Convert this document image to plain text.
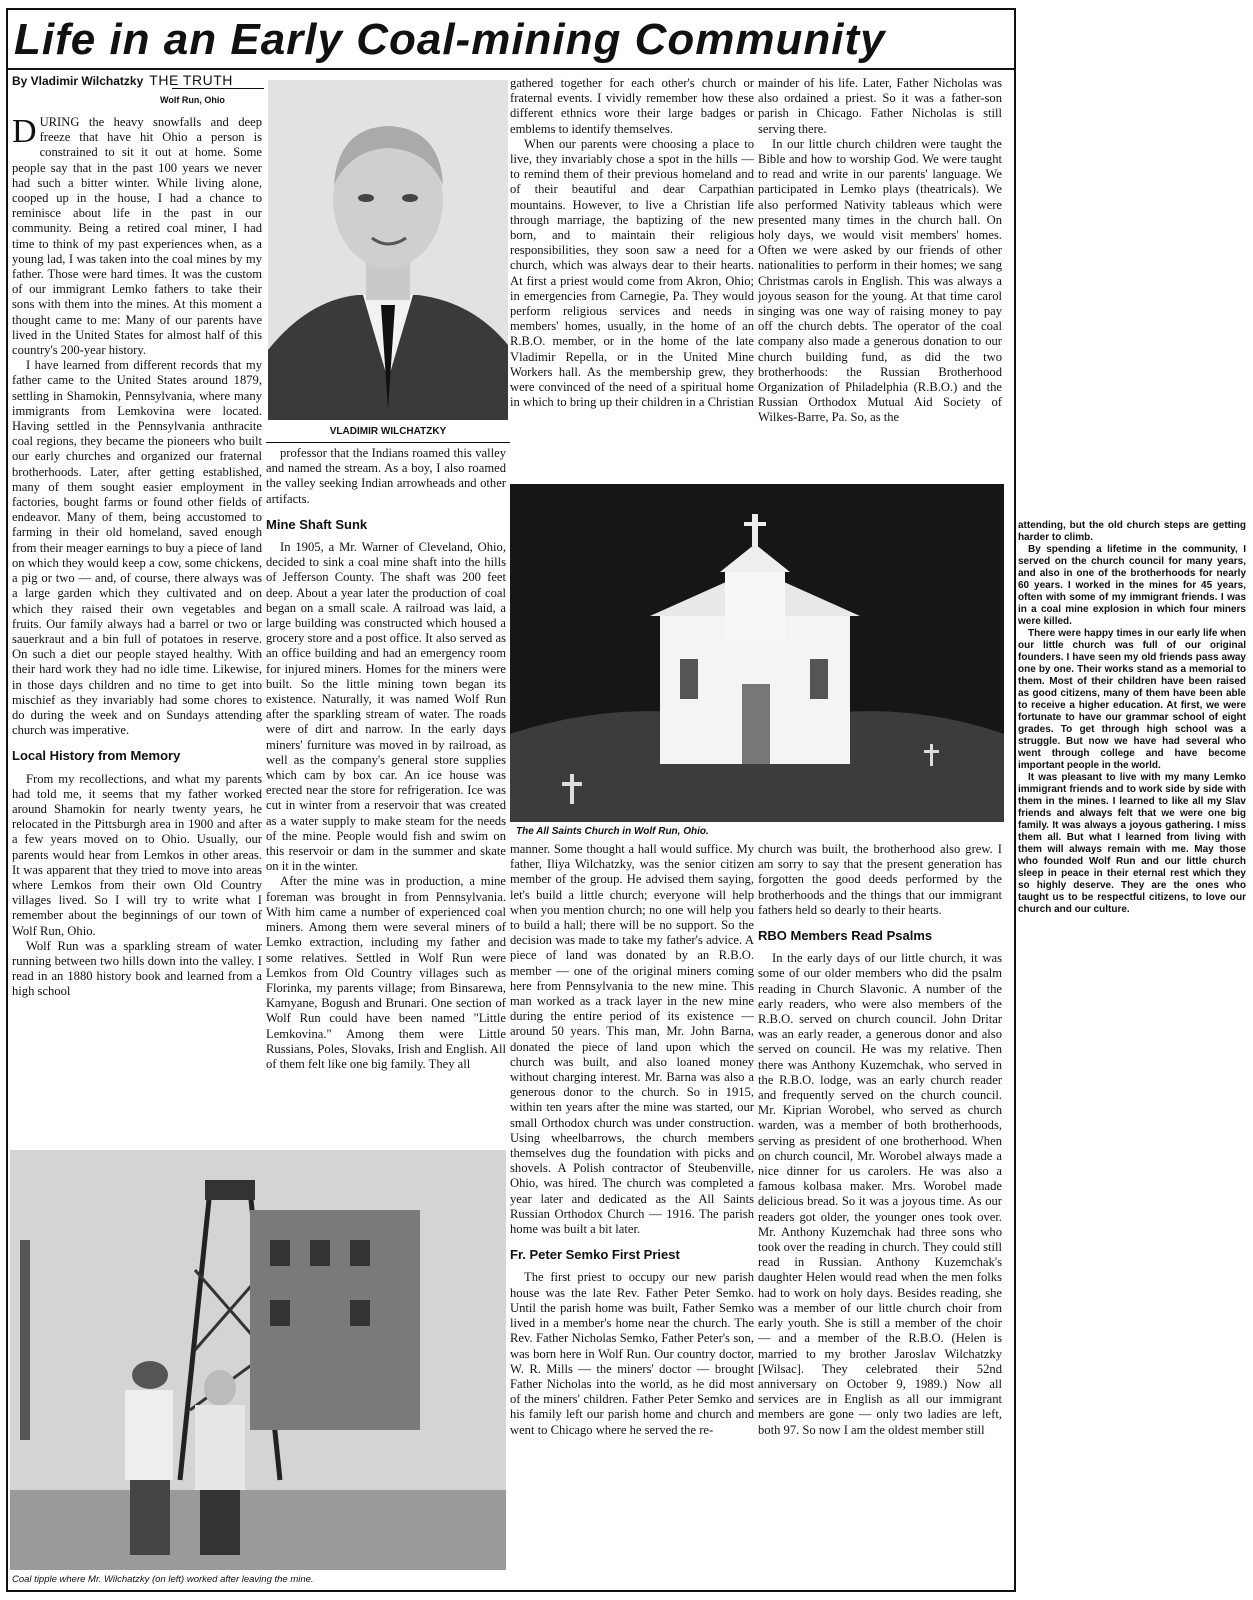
Life in an Early Coal-mining Community
By Vladimir Wilchatzky THE TRUTH
Wolf Run, Ohio

DURING the heavy snowfalls and deep freeze that have hit Ohio a person is constrained to sit it out at home. Some people say that in the past 100 years we never had such a bitter winter. While living alone, cooped up in the house, I had a chance to reminisce about life in the past in our community. Being a retired coal miner, I had time to think of my past experiences when, as a young lad, I was taken into the coal mines by my father. Those were hard times. It was the custom of our immigrant Lemko fathers to take their sons with them into the mines. At this moment a thought came to me: Many of our parents have lived in the United States for almost half of this country's 200-year history.

I have learned from different records that my father came to the United States around 1879, settling in Shamokin, Pennsylvania, where many immigrants from Lemkovina were located. Having settled in the Pennsylvania anthracite coal regions, they became the pioneers who built our early churches and organized our fraternal brotherhoods. Later, after getting established, many of them sought easier employment in factories, bought farms or found other fields of endeavor. Many of them, being accustomed to farming in their old homeland, saved enough from their meager earnings to buy a piece of land on which they would keep a cow, some chickens, a pig or two — and, of course, there always was a large garden which they cultivated and on which they raised their own vegetables and fruits. Our family always had a barrel or two or sauerkraut and a bin full of potatoes in reserve. On such a diet our people stayed healthy. With their hard work they had no idle time. Likewise, in those days children and no time to get into mischief as they invariably had some chores to do during the week and on Sundays attending church was imperative.

Local History from Memory

From my recollections, and what my parents had told me, it seems that my father worked around Shamokin for nearly twenty years, he relocated in the Pittsburgh area in 1900 and after a few years moved on to Ohio. Usually, our parents would hear from Lemkos in other areas. It was apparent that they tried to move into areas where Lemkos from their own Old Country villages lived. So I will try to write what I remember about the beginnings of our town of Wolf Run, Ohio.

Wolf Run was a sparkling stream of water running between two hills down into the valley. I read in an 1880 history book and learned from a high school

VLADIMIR WILCHATZKY

professor that the Indians roamed this valley and named the stream. As a boy, I also roamed the valley seeking Indian arrowheads and other artifacts.

Mine Shaft Sunk

In 1905, a Mr. Warner of Cleveland, Ohio, decided to sink a coal mine shaft into the hills of Jefferson County. The shaft was 200 feet deep. About a year later the production of coal began on a small scale. A railroad was laid, a large building was constructed which housed a grocery store and a post office. It also served as an office building and had an emergency room for injured miners. Homes for the miners were built. So the little mining town began its existence. Naturally, it was named Wolf Run after the sparkling stream of water. The roads were of dirt and narrow. In the early days miners' furniture was moved in by railroad, as well as the company's general store supplies which cam by box car. An ice house was erected near the store for refrigeration. Ice was cut in winter from a reservoir that was created as a water supply to make steam for the needs of the mine. People would fish and swim on this reservoir or dam in the summer and skate on it in the winter.

After the mine was in production, a mine foreman was brought in from Pennsylvania. With him came a number of experienced coal miners. Among them were several miners of Lemko extraction, including my father and some relatives. Settled in Wolf Run were Lemkos from Old Country villages such as Florinka, my parents village; from Binsarewa, Kamyane, Bogush and Brunari. One section of Wolf Run could have been named "Little Lemkovina." Among them were Little Russians, Poles, Slovaks, Irish and English. All of them felt like one big family. They all

gathered together for each other's church or fraternal events. I vividly remember how these different ethnics wore their large badges or emblems to identify themselves.

When our parents were choosing a place to live, they invariably chose a spot in the hills — to remind them of their previous homeland and of their beautiful and dear Carpathian mountains. However, to live a Christian life through marriage, the baptizing of the new born, and to maintain their religious responsibilities, they soon saw a need for a church, which was always dear to their hearts. At first a priest would come from Akron, Ohio; in emergencies from Carnegie, Pa. They would perform religious services and needs in members' homes, usually, in the home of an R.B.O. member, or in the home of the late Vladimir Repella, or in the United Mine Workers hall. As the membership grew, they were convinced of the need of a spiritual home in which to bring up their children in a Christian

mainder of his life. Later, Father Nicholas was also ordained a priest. So it was a father-son parish in Chicago. Father Nicholas is still serving there.

In our little church children were taught the Bible and how to worship God. We were taught to read and write in our parents' language. We participated in Lemko plays (theatricals). We also performed Nativity tableaus which were presented many times in the church hall. On holy days, we would visit members' homes. Often we were asked by our friends of other nationalities to perform in their homes; we sang Christmas carols in English. This was always a joyous season for the young. At that time carol singing was one way of raising money to pay off the church debts. The operator of the coal company also made a generous donation to our church building fund, as did the two brotherhoods: the Russian Brotherhood Organization of Philadelphia (R.B.O.) and the Russian Orthodox Mutual Aid Society of Wilkes-Barre, Pa. So, as the

The All Saints Church in Wolf Run, Ohio.

manner. Some thought a hall would suffice. My father, Iliya Wilchatzky, was the senior citizen member of the group. He advised them saying, let's build a little church; everyone will help when you mention church; no one will help you to build a hall; there will be no support. So the decision was made to take my father's advice. A piece of land was donated by an R.B.O. member — one of the original miners coming here from Pennsylvania to the new mine. This man worked as a track layer in the new mine during the entire period of its existence — around 50 years. This man, Mr. John Barna, donated the piece of land upon which the church was built, and also loaned money without charging interest. Mr. Barna was also a generous donor to the church. So in 1915, within ten years after the mine was started, our small Orthodox church was under construction. Using wheelbarrows, the church members themselves dug the foundation with picks and shovels. A Polish contractor of Steubenville, Ohio, was hired. The church was completed a year later and dedicated as the All Saints Russian Orthodox Church — 1916. The parish home was built a bit later.

Fr. Peter Semko First Priest

The first priest to occupy our new parish house was the late Rev. Father Peter Semko. Until the parish home was built, Father Semko lived in a member's home near the church. The Rev. Father Nicholas Semko, Father Peter's son, was born here in Wolf Run. Our country doctor, W. R. Mills — the miners' doctor — brought Father Nicholas into the world, as he did most of the miners' children. Father Peter Semko and his family left our parish home and church and went to Chicago where he served the re-

church was built, the brotherhood also grew. I am sorry to say that the present generation has forgotten the good deeds performed by the brotherhoods and the things that our immigrant fathers held so dearly to their hearts.

RBO Members Read Psalms

In the early days of our little church, it was some of our older members who did the psalm reading in Church Slavonic. A number of the early readers, who were also members of the R.B.O. served on church council. John Dritar was an early reader, a generous donor and also served on council. He was my relative. Then there was Anthony Kuzemchak, who served in the R.B.O. lodge, was an early church reader and frequently served on the church council. Mr. Kiprian Worobel, who served as church warden, was a member of both brotherhoods, serving as president of one brotherhood. When on church council, Mr. Worobel always made a nice dinner for us carolers. He was also a famous kolbasa maker. Mrs. Worobel made delicious bread. So it was a joyous time. As our readers got older, the younger ones took over. Mr. Anthony Kuzemchak had three sons who took over the reading in church. They could still read in Russian. Anthony Kuzemchak's daughter Helen would read when the men folks had to work on holy days. Besides reading, she was a member of our little church choir from early youth. She is still a member of the choir — and a member of the R.B.O. (Helen is married to my brother Jaroslav Wilchatzky [Wilsac]. They celebrated their 52nd anniversary on October 9, 1989.) Now all services are in English as all our immigrant members are gone — only two ladies are left, both 97. So now I am the oldest member still

Coal tipple where Mr. Wilchatzky (on left) worked after leaving the mine.

attending, but the old church steps are getting harder to climb.

By spending a lifetime in the community, I served on the church council for many years, and also in one of the brotherhoods for nearly 60 years. I worked in the mines for 45 years, often with some of my immigrant friends. I was in a coal mine explosion in which four miners were killed.

There were happy times in our early life when our little church was full of our original founders. I have seen my old friends pass away one by one. Their works stand as a memorial to them. Most of their children have been raised as good citizens, many of them have been able to receive a higher education. At first, we were fortunate to have our grammar school of eight grades. To get through high school was a struggle. But now we have had several who went through college and have become important people in the world.

It was pleasant to live with my many Lemko immigrant friends and to work side by side with them in the mines. I learned to like all my Slav friends and always felt that we were one big family. It was always a joyous gathering. I miss them all. But what I learned from living with them will always remain with me. May those who founded Wolf Run and our little church sleep in peace in their eternal rest which they so highly deserve. They are the ones who taught us to be respectful citizens, to love our church and our culture.
